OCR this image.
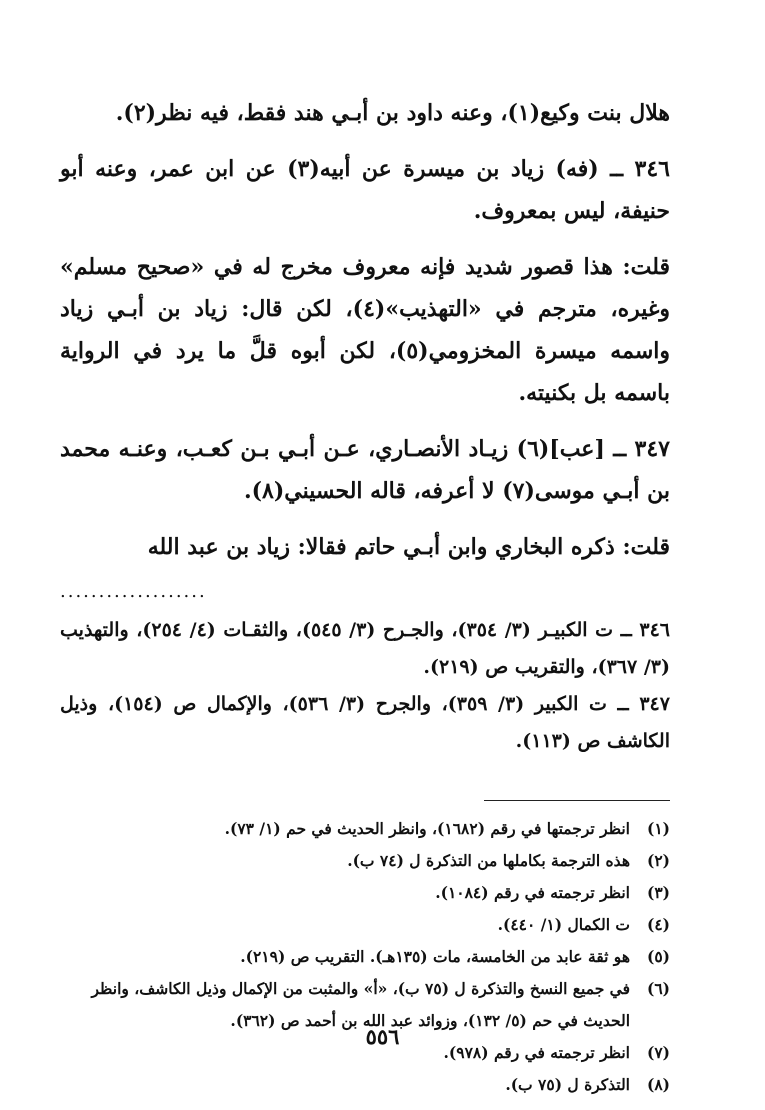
هلال بنت وكيع(١)، وعنه داود بن أبـي هند فقط، فيه نظر(٢).

٣٤٦ ــ (فه) زياد بن ميسرة عن أبيه(٣) عن ابن عمر، وعنه أبو حنيفة، ليس بمعروف.

قلت: هذا قصور شديد فإنه معروف مخرج له في «صحيح مسلم» وغيره، مترجم في «التهذيب»(٤)، لكن قال: زياد بن أبـي زياد واسمه ميسرة المخزومي(٥)، لكن أبوه قلَّ ما يرد في الرواية باسمه بل بكنيته.

٣٤٧ ــ [عب](٦) زيـاد الأنصـاري، عـن أبـي بـن كعـب، وعنـه محمد بن أبـي موسى(٧) لا أعرفه، قاله الحسيني(٨).

قلت: ذكره البخاري وابن أبـي حاتم فقالا: زياد بن عبد الله

...................

٣٤٦ ــ ت الكبيـر (٣/ ٣٥٤)، والجـرح (٣/ ٥٤٥)، والثقـات (٤/ ٢٥٤)، والتهذيب (٣/ ٣٦٧)، والتقريب ص (٢١٩).

٣٤٧ ــ ت الكبير (٣/ ٣٥٩)، والجرح (٣/ ٥٣٦)، والإكمال ص (١٥٤)، وذيل الكاشف ص (١١٣).

(١)
انظر ترجمتها في رقم (١٦٨٢)، وانظر الحديث في حم (١/ ٧٣).
(٢)
هذه الترجمة بكاملها من التذكرة ل (٧٤ ب).
(٣)
انظر ترجمته في رقم (١٠٨٤).
(٤)
ت الكمال (١/ ٤٤٠).
(٥)
هو ثقة عابد من الخامسة، مات (١٣٥هـ). التقريب ص (٢١٩).
(٦)
في جميع النسخ والتذكرة ل (٧٥ ب)، «أ» والمثبت من الإكمال وذيل الكاشف، وانظر الحديث في حم (٥/ ١٣٢)، وزوائد عبد الله بن أحمد ص (٣٦٢).
(٧)
انظر ترجمته في رقم (٩٧٨).
(٨)
التذكرة ل (٧٥ ب).
٥٥٦
